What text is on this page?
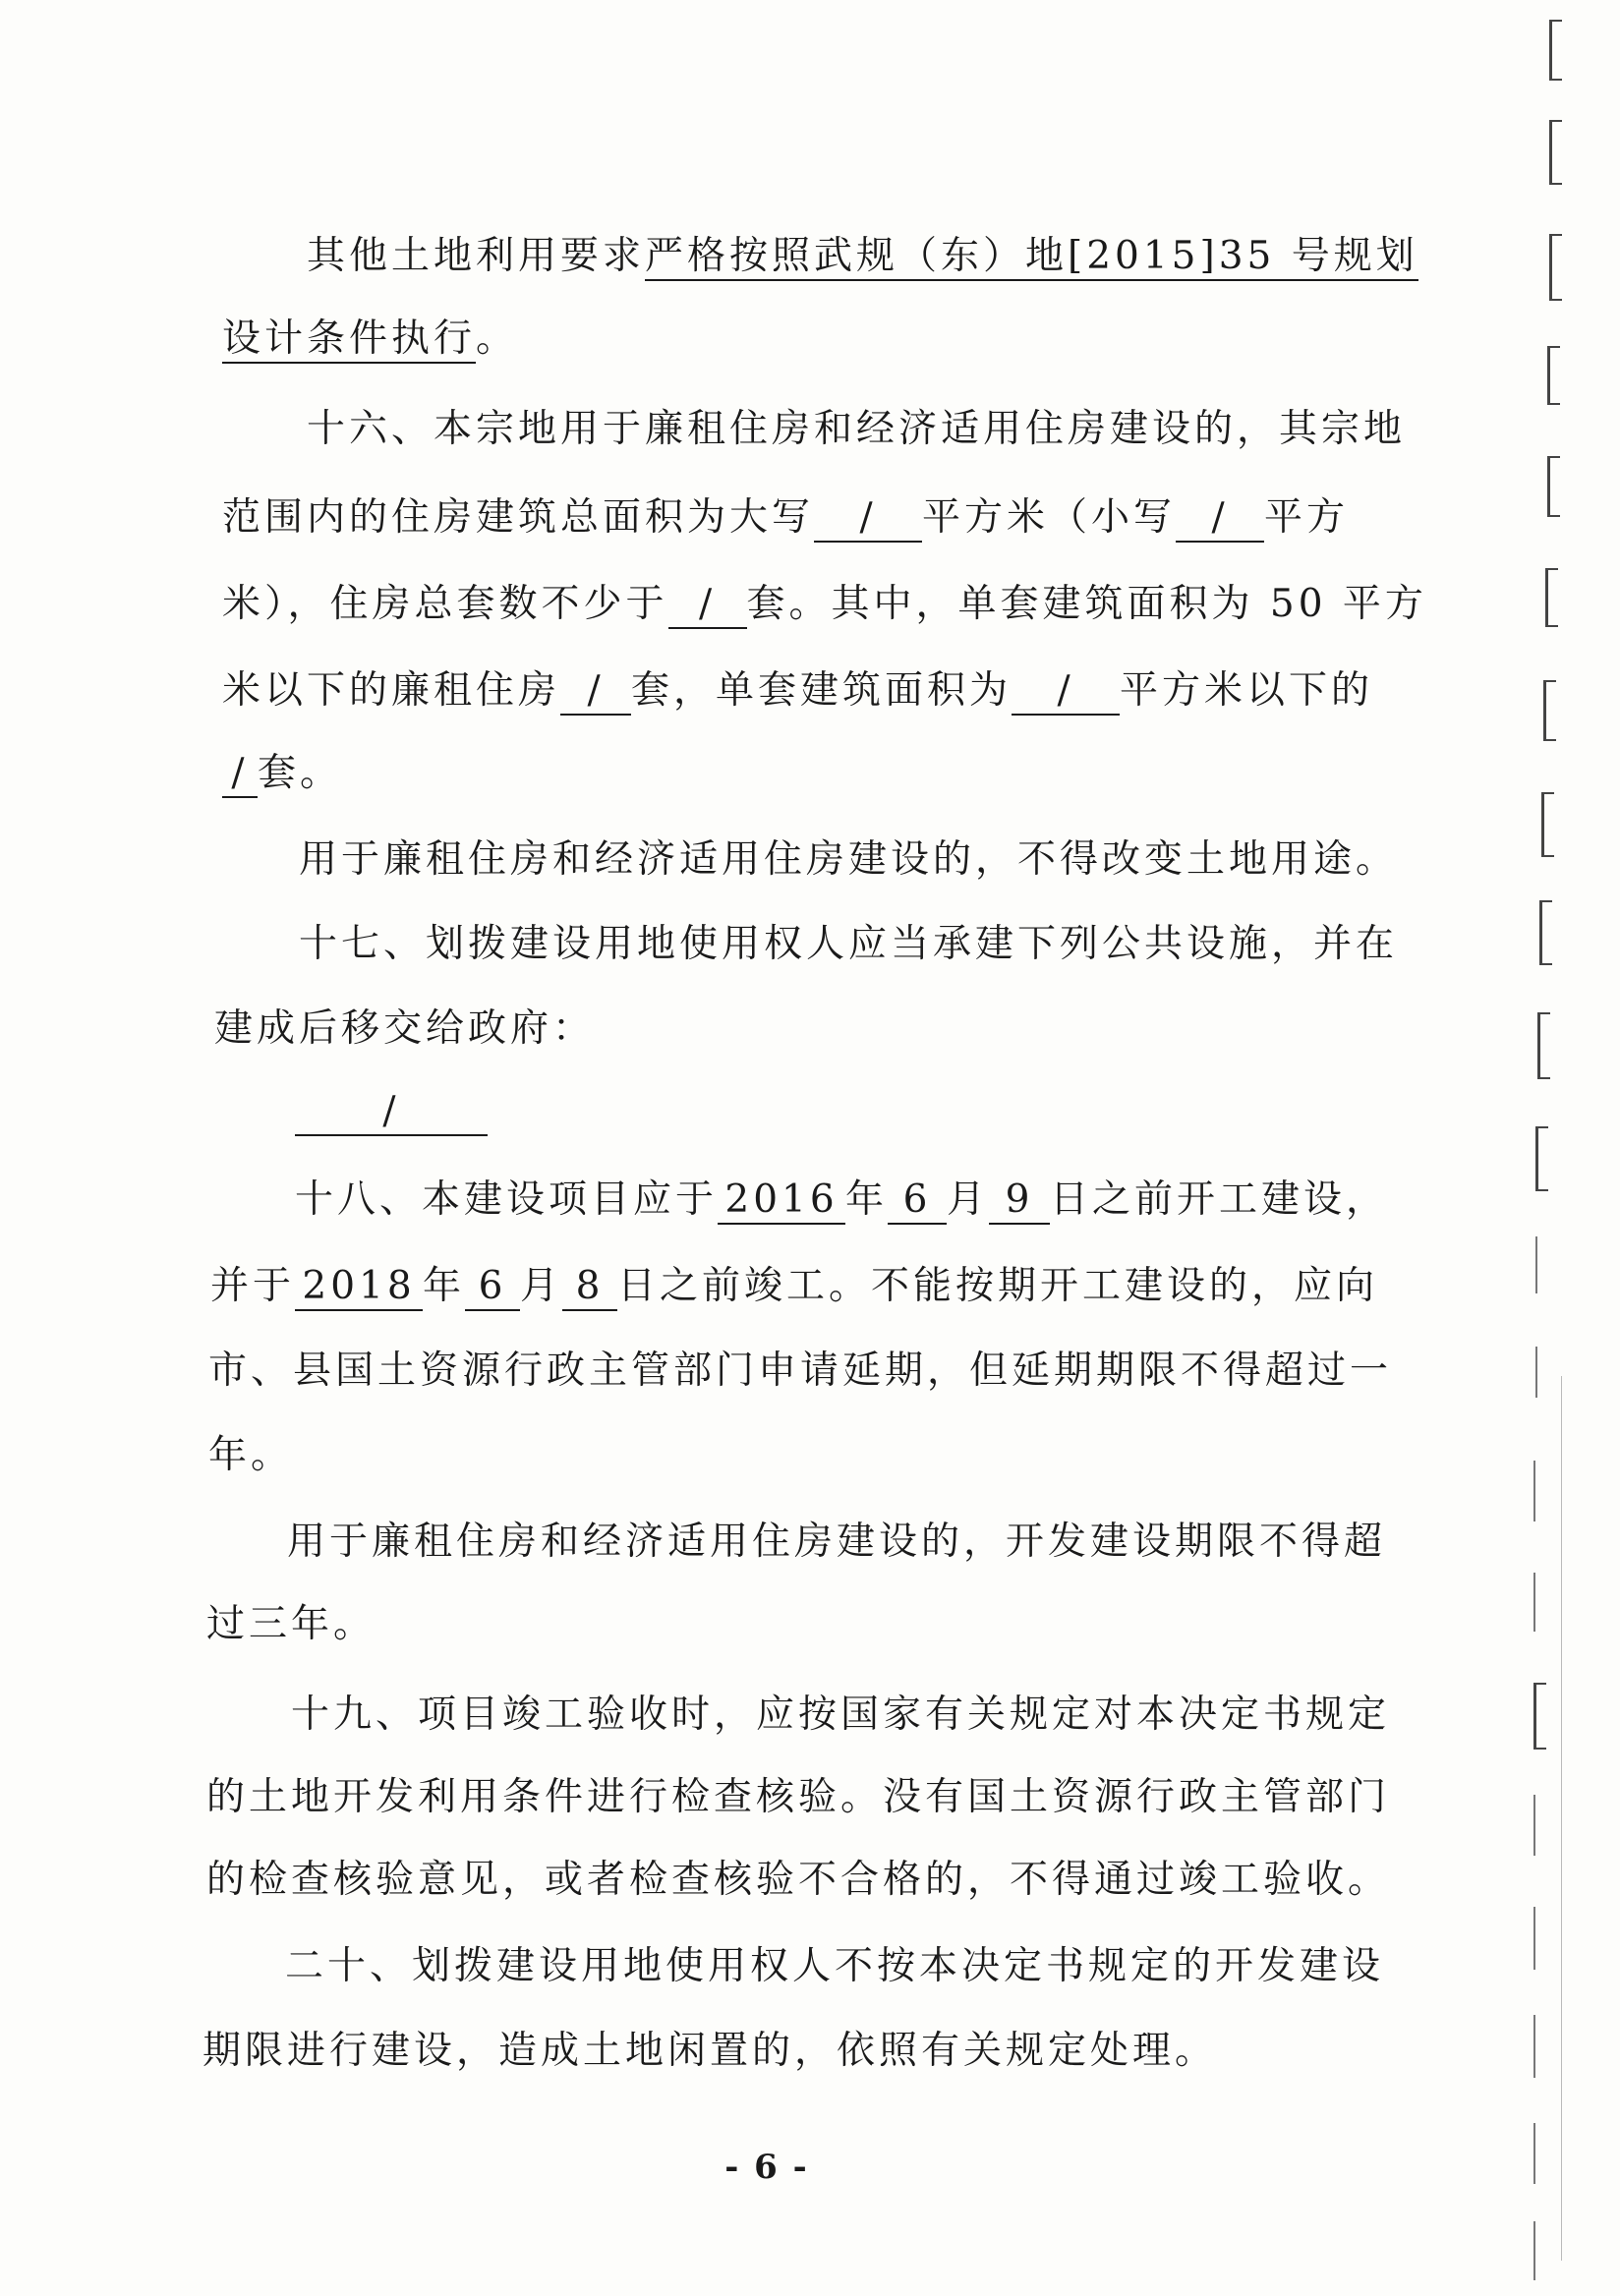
其他土地利用要求严格按照武规（东）地[2015]35 号规划
设计条件执行。
十六、本宗地用于廉租住房和经济适用住房建设的，其宗地
范围内的住房建筑总面积为大写 / 平方米（小写 / 平方
米），住房总套数不少于 / 套。其中，单套建筑面积为 50 平方
米以下的廉租住房 / 套，单套建筑面积为 / 平方米以下的
/ 套。
用于廉租住房和经济适用住房建设的，不得改变土地用途。
十七、划拨建设用地使用权人应当承建下列公共设施，并在
建成后移交给政府：
/
十八、本建设项目应于 2016 年 6 月 9 日之前开工建设，
并于 2018 年 6 月 8 日之前竣工。不能按期开工建设的，应向
市、县国土资源行政主管部门申请延期，但延期期限不得超过一
年。
用于廉租住房和经济适用住房建设的，开发建设期限不得超
过三年。
十九、项目竣工验收时，应按国家有关规定对本决定书规定
的土地开发利用条件进行检查核验。没有国土资源行政主管部门
的检查核验意见，或者检查核验不合格的，不得通过竣工验收。
二十、划拨建设用地使用权人不按本决定书规定的开发建设
期限进行建设，造成土地闲置的，依照有关规定处理。
- 6 -
